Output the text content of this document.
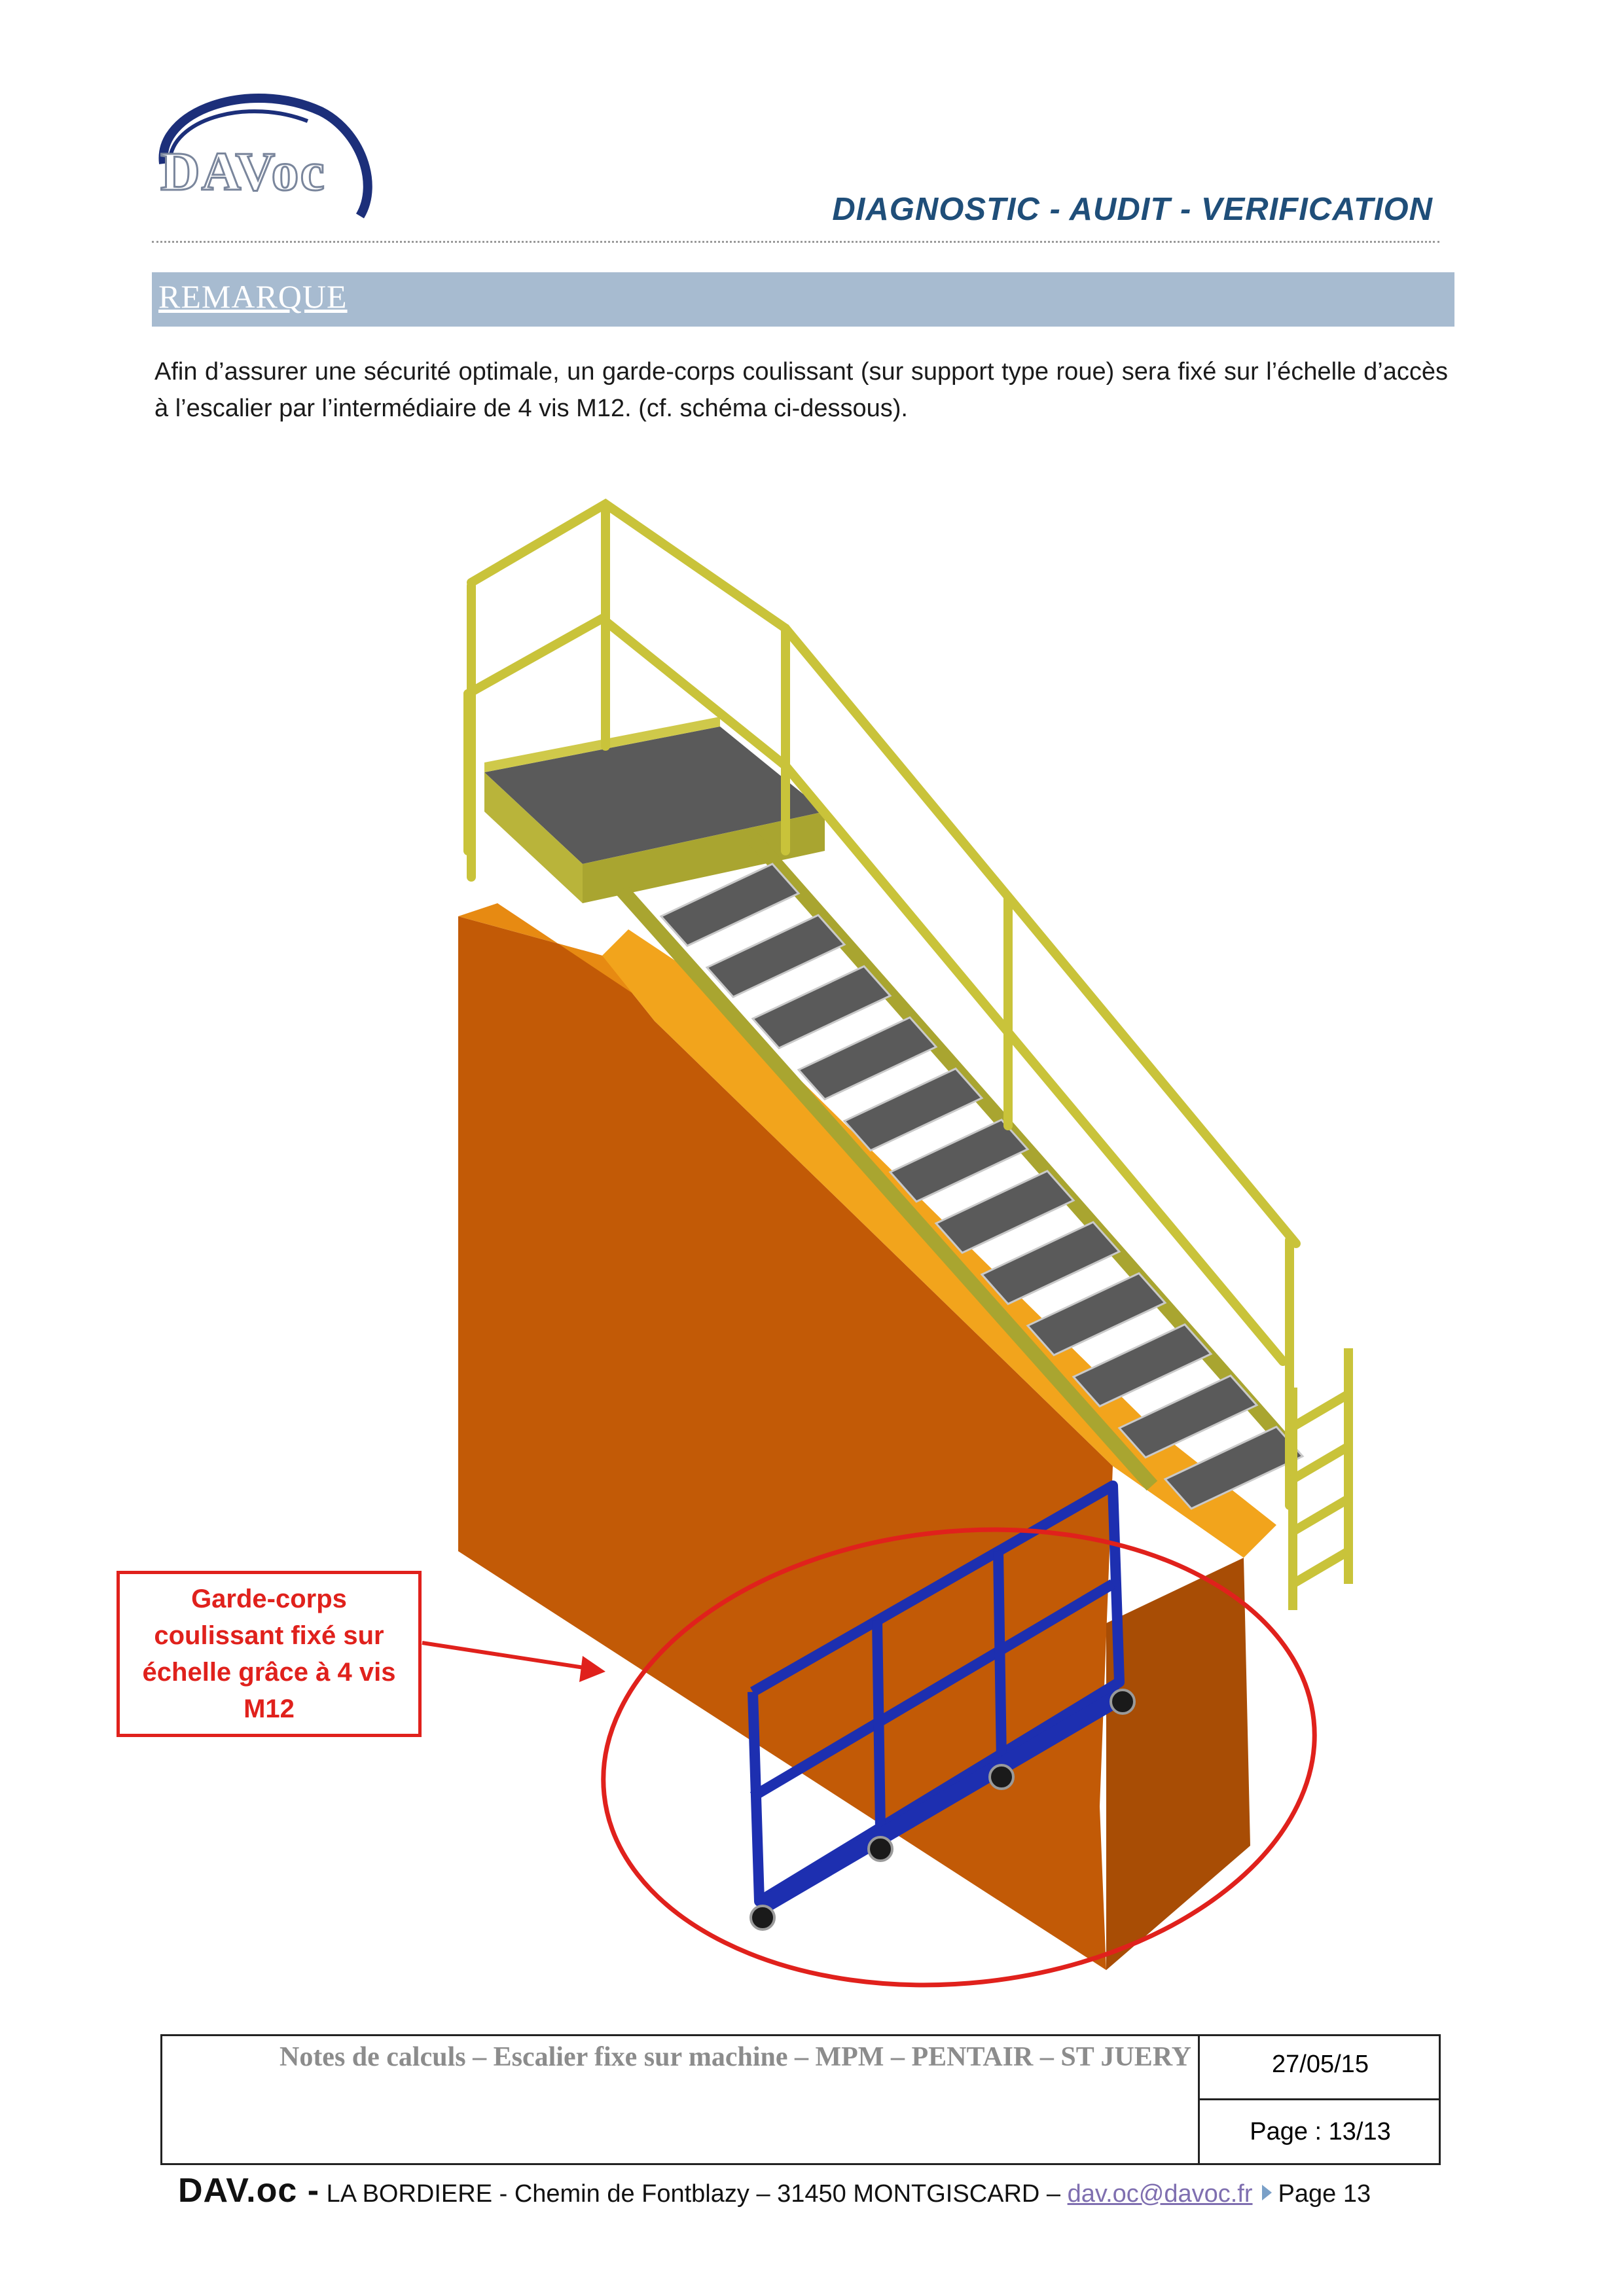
DAVoc
DIAGNOSTIC - AUDIT - VERIFICATION
REMARQUE
Afin d’assurer une sécurité optimale, un garde-corps coulissant (sur support type roue) sera fixé sur l’échelle d’accès à l’escalier par l’intermédiaire de 4 vis M12. (cf. schéma ci-dessous).
Garde-corps coulissant fixé sur échelle grâce à 4 vis M12
Notes de calculs – Escalier fixe sur machine – MPM – PENTAIR – ST JUERY	27/05/15
Page : 13/13
DAV.oc - LA BORDIERE - Chemin de Fontblazy – 31450 MONTGISCARD – dav.oc@davoc.fr Page 13
